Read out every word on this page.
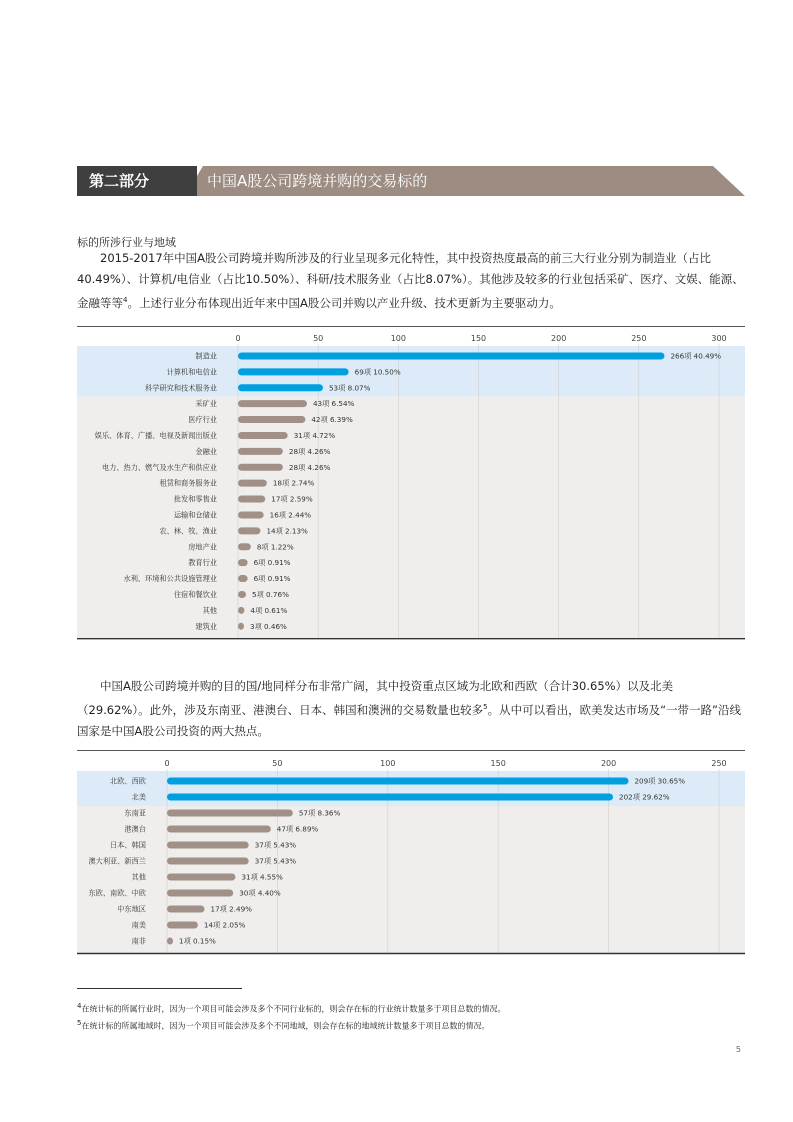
第二部分	中国A股公司跨境并购的交易标的
标的所涉行业与地域
2015-2017年中国A股公司跨境并购所涉及的行业呈现多元化特性，其中投资热度最高的前三大行业分别为制造业（占比40.49%）、计算机/电信业（占比10.50%）、科研/技术服务业（占比8.07%）。其他涉及较多的行业包括采矿、医疗、文娱、能源、金融等等$^4$。上述行业分布体现出近年来中国A股公司并购以产业升级、技术更新为主要驱动力。
0	50	100	150	200	250	300
制造业	266项 40.49%
计算机和电信业	69项 10.50%
科学研究和技术服务业	53项 8.07%
采矿业	43项 6.54%
医疗行业	42项 6.39%
娱乐、体育、广播、电视及新闻出版业	31项 4.72%
金融业	28项 4.26%
电力、热力、燃气及水生产和供应业	28项 4.26%
租赁和商务服务业	18项 2.74%
批发和零售业	17项 2.59%
运输和仓储业	16项 2.44%
农、林、牧、渔业	14项 2.13%
房地产业	8项 1.22%
教育行业	6项 0.91%
水利、环境和公共设施管理业	6项 0.91%
住宿和餐饮业	5项 0.76%
其他	4项 0.61%
建筑业	3项 0.46%
中国A股公司跨境并购的目的国/地同样分布非常广阔，其中投资重点区域为北欧和西欧（合计30.65%）以及北美（29.62%）。此外，涉及东南亚、港澳台、日本、韩国和澳洲的交易数量也较多$^5$。从中可以看出，欧美发达市场及“一带一路”沿线国家是中国A股公司投资的两大热点。
0	50	100	150	200	250
北欧、西欧	209项 30.65%
北美	202项 29.62%
东南亚	57项 8.36%
港澳台	47项 6.89%
日本、韩国	37项 5.43%
澳大利亚、新西兰	37项 5.43%
其他	31项 4.55%
东欧、南欧、中欧	30项 4.40%
中东地区	17项 2.49%
南美	14项 2.05%
南非	1项 0.15%
$^4$在统计标的所属行业时，因为一个项目可能会涉及多个不同行业标的，则会存在标的行业统计数量多于项目总数的情况。
$^5$在统计标的所属地域时，因为一个项目可能会涉及多个不同地域，则会存在标的地域统计数量多于项目总数的情况。
5
